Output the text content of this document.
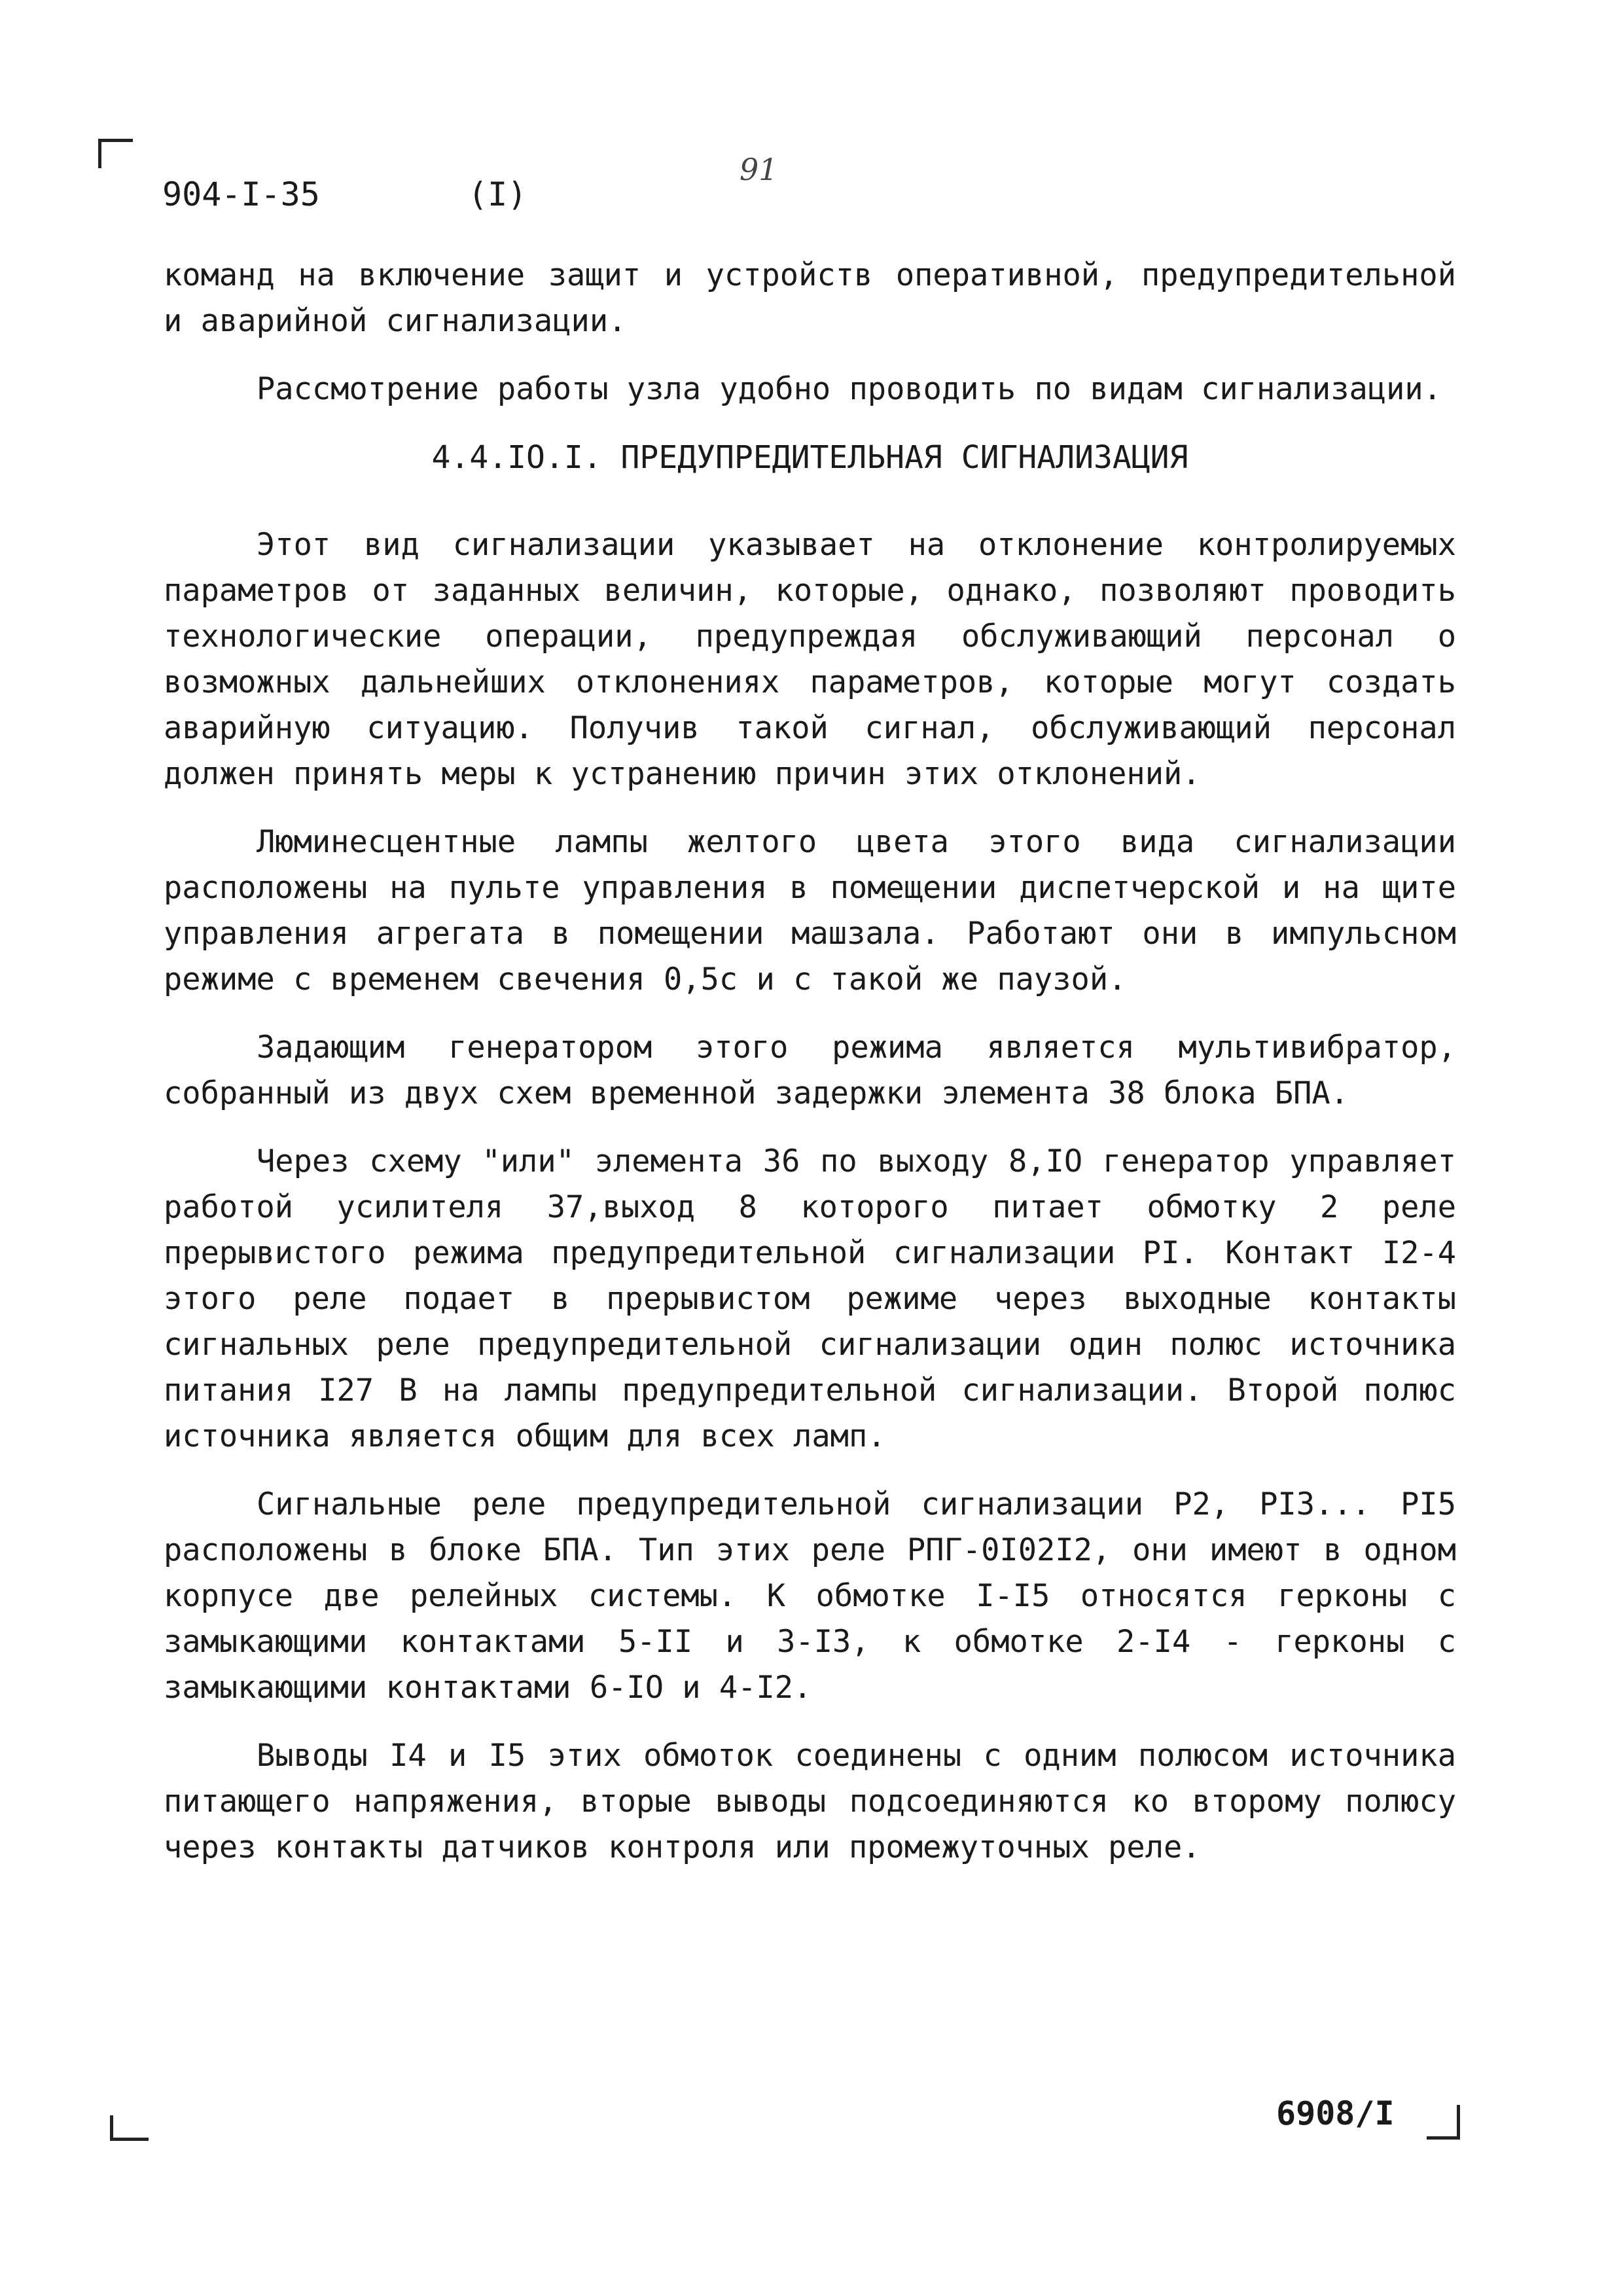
904-I-35	(I)
91

команд на включение защит и устройств оперативной, предупредительной и аварийной сигнализации.

Рассмотрение работы узла удобно проводить по видам сигнализации.

4.4.IO.I. ПРЕДУПРЕДИТЕЛЬНАЯ СИГНАЛИЗАЦИЯ

Этот вид сигнализации указывает на отклонение контролируемых параметров от заданных величин, которые, однако, позволяют проводить технологические операции, предупреждая обслуживающий персонал о возможных дальнейших отклонениях параметров, которые могут создать аварийную ситуацию. Получив такой сигнал, обслуживающий персонал должен принять меры к устранению причин этих отклонений.

Люминесцентные лампы желтого цвета этого вида сигнализации расположены на пульте управления в помещении диспетчерской и на щите управления агрегата в помещении машзала. Работают они в импульсном режиме с временем свечения 0,5с и с такой же паузой.

Задающим генератором этого режима является мультивибратор, собранный из двух схем временной задержки элемента 38 блока БПА.

Через схему "или" элемента 36 по выходу 8,IO генератор управляет работой усилителя 37,выход 8 которого питает обмотку 2 реле прерывистого режима предупредительной сигнализации PI. Контакт I2-4 этого реле подает в прерывистом режиме через выходные контакты сигнальных реле предупредительной сигнализации один полюс источника питания I27 В на лампы предупредительной сигнализации. Второй полюс источника является общим для всех ламп.

Сигнальные реле предупредительной сигнализации P2, PI3... PI5 расположены в блоке БПА. Тип этих реле РПГ-0I02I2, они имеют в одном корпусе две релейных системы. К обмотке I-I5 относятся герконы с замыкающими контактами 5-II и 3-I3, к обмотке 2-I4 - герконы с замыкающими контактами 6-IO и 4-I2.

Выводы I4 и I5 этих обмоток соединены с одним полюсом источника питающего напряжения, вторые выводы подсоединяются ко второму полюсу через контакты датчиков контроля или промежуточных реле.

6908/I
